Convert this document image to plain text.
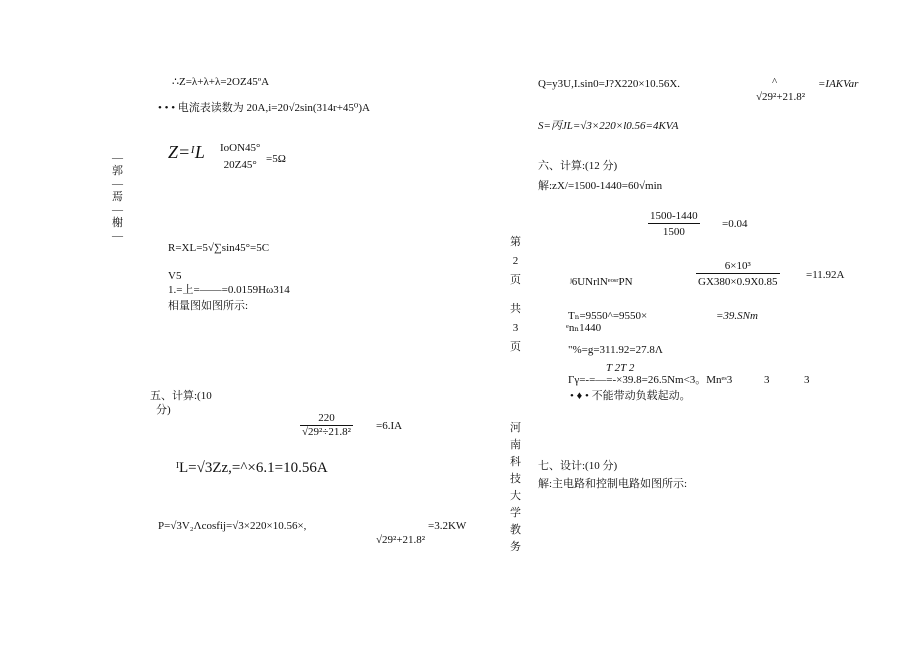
∴Z=λ+λ+λ=2OZ45ºA
• • • 电流表读数为 20A,i=20√2sin(314r+45⁰)A
Z=ᴵL IoON45°
20Z45° =5Ω
—
郭
—
焉
—
榭
—
R=XL=5√∑sin45°=5C
V5
1.=上=——=0.0159Hω314
相量图如图所示:
五、计算:(10
分)
$\frac{220}{\text{√29²÷21.8²}} =6.IA$
ᴵL=√3Zz,=^×6.1=10.56A
P=√3V₂Λcosfij=√3×220×10.56×,	=3.2KW
√29²+21.8²
第
2
页
共
3
页
河
南
科
技
大
学
教
务
Q=y3U,I.sin0=J?X220×10.56X.	^	=IAKVar
√29²+21.8²
S=丙JL=√3×220×l0.56=4KVA
六、计算:(12 分)
解:zX/=1500-1440=60√min
$\frac{1500-1440}{1500} =0.04$
ʲ6UNrlNᵉᵒˢʳPN	$\frac{\text{6×10³}}{GX380\times 0.9X0.85} =11.92A$
Tₙ=9550^=9550×	=39.SNm
ᵉnₙ1440
"%=g=311.92=27.8Λ
T 2T 2
Γγ=-=—=-×39.8=26.5Nm<3。Mnᵉˢ3	3	3
• ♦ • 不能带动负载起动。
七、设计:(10 分)
解:主电路和控制电路如图所示:
